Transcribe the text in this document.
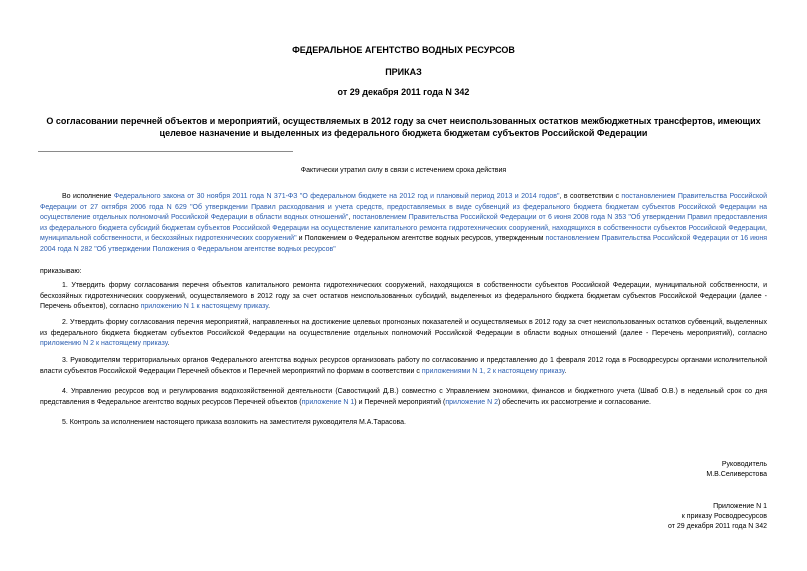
ФЕДЕРАЛЬНОЕ АГЕНТСТВО ВОДНЫХ РЕСУРСОВ
ПРИКАЗ
от 29 декабря 2011 года N 342
О согласовании перечней объектов и мероприятий, осуществляемых в 2012 году за счет неиспользованных остатков межбюджетных трансфертов, имеющих целевое назначение и выделенных из федерального бюджета бюджетам субъектов Российской Федерации
Фактически утратил силу в связи с истечением срока действия
Во исполнение Федерального закона от 30 ноября 2011 года N 371-ФЗ "О федеральном бюджете на 2012 год и плановый период 2013 и 2014 годов", в соответствии с постановлением Правительства Российской Федерации от 27 октября 2006 года N 629 "Об утверждении Правил расходования и учета средств, предоставляемых в виде субвенций из федерального бюджета бюджетам субъектов Российской Федерации на осуществление отдельных полномочий Российской Федерации в области водных отношений", постановлением Правительства Российской Федерации от 6 июня 2008 года N 353 "Об утверждении Правил предоставления из федерального бюджета субсидий бюджетам субъектов Российской Федерации на осуществление капитального ремонта гидротехнических сооружений, находящихся в собственности субъектов Российской Федерации, муниципальной собственности, и бесхозяйных гидротехнических сооружений" и Положением о Федеральном агентстве водных ресурсов, утвержденным постановлением Правительства Российской Федерации от 16 июня 2004 года N 282 "Об утверждении Положения о Федеральном агентстве водных ресурсов"
приказываю:
1. Утвердить форму согласования перечня объектов капитального ремонта гидротехнических сооружений, находящихся в собственности субъектов Российской Федерации, муниципальной собственности, и бесхозяйных гидротехнических сооружений, осуществляемого в 2012 году за счет остатков неиспользованных субсидий, выделенных из федерального бюджета бюджетам субъектов Российской Федерации (далее - Перечень объектов), согласно приложению N 1 к настоящему приказу.
2. Утвердить форму согласования перечня мероприятий, направленных на достижение целевых прогнозных показателей и осуществляемых в 2012 году за счет неиспользованных остатков субвенций, выделенных из федерального бюджета бюджетам субъектов Российской Федерации на осуществление отдельных полномочий Российской Федерации в области водных отношений (далее - Перечень мероприятий), согласно приложению N 2 к настоящему приказу.
3. Руководителям территориальных органов Федерального агентства водных ресурсов организовать работу по согласованию и представлению до 1 февраля 2012 года в Росводресурсы органами исполнительной власти субъектов Российской Федерации Перечней объектов и Перечней мероприятий по формам в соответствии с приложениями N 1, 2 к настоящему приказу.
4. Управлению ресурсов вод и регулирования водохозяйственной деятельности (Савостицкий Д.В.) совместно с Управлением экономики, финансов и бюджетного учета (Шваб О.В.) в недельный срок со дня представления в Федеральное агентство водных ресурсов Перечней объектов (приложение N 1) и Перечней мероприятий (приложение N 2) обеспечить их рассмотрение и согласование.
5. Контроль за исполнением настоящего приказа возложить на заместителя руководителя М.А.Тарасова.
Руководитель
М.В.Селиверстова
Приложение N 1
к приказу Росводресурсов
от 29 декабря 2011 года N 342
